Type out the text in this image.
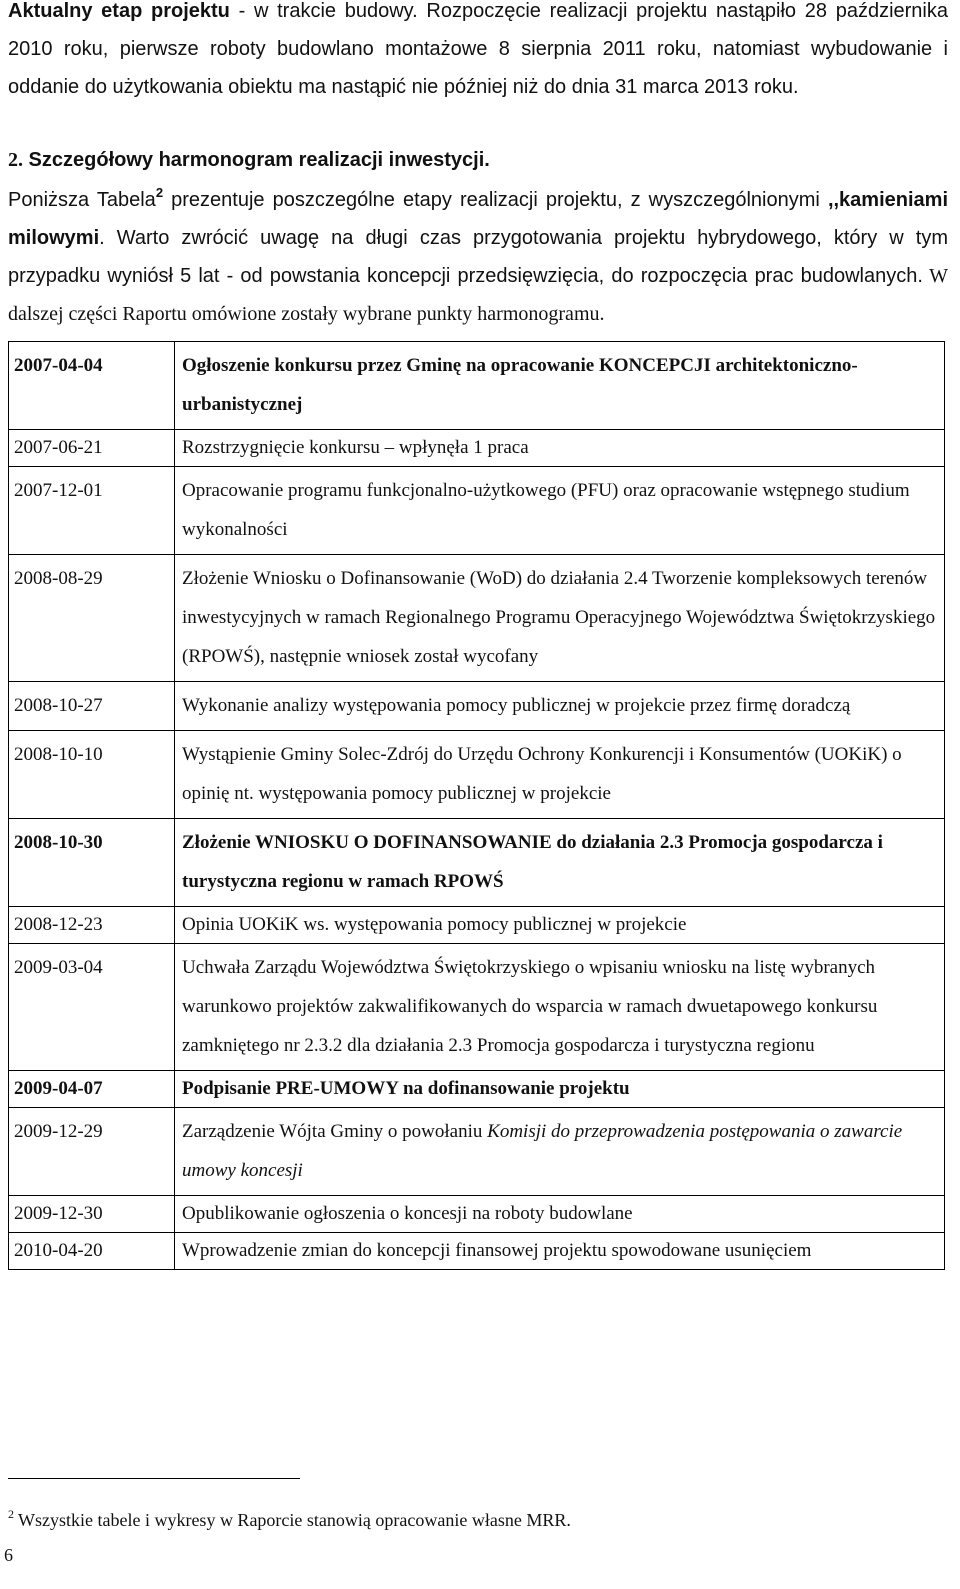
Aktualny etap projektu - w trakcie budowy. Rozpoczęcie realizacji projektu nastąpiło 28 października 2010 roku, pierwsze roboty budowlano montażowe 8 sierpnia 2011 roku, natomiast wybudowanie i oddanie do użytkowania obiektu ma nastąpić nie później niż do dnia 31 marca 2013 roku.

2. Szczegółowy harmonogram realizacji inwestycji.

Poniższa Tabela$^2$ prezentuje poszczególne etapy realizacji projektu, z wyszczególnionymi ,,kamieniami milowymi. Warto zwrócić uwagę na długi czas przygotowania projektu hybrydowego, który w tym przypadku wyniósł 5 lat - od powstania koncepcji przedsięwzięcia, do rozpoczęcia prac budowlanych. W dalszej części Raportu omówione zostały wybrane punkty harmonogramu.

2007-04-04	Ogłoszenie konkursu przez Gminę na opracowanie KONCEPCJI architektoniczno-urbanistycznej
2007-06-21	Rozstrzygnięcie konkursu – wpłynęła 1 praca
2007-12-01	Opracowanie programu funkcjonalno-użytkowego (PFU) oraz opracowanie wstępnego studium wykonalności
2008-08-29	Złożenie Wniosku o Dofinansowanie (WoD) do działania 2.4 Tworzenie kompleksowych terenów inwestycyjnych w ramach Regionalnego Programu Operacyjnego Województwa Świętokrzyskiego (RPOWŚ), następnie wniosek został wycofany
2008-10-27	Wykonanie analizy występowania pomocy publicznej w projekcie przez firmę doradczą
2008-10-10	Wystąpienie Gminy Solec-Zdrój do Urzędu Ochrony Konkurencji i Konsumentów (UOKiK) o opinię nt. występowania pomocy publicznej w projekcie
2008-10-30	Złożenie WNIOSKU O DOFINANSOWANIE do działania 2.3 Promocja gospodarcza i turystyczna regionu w ramach RPOWŚ
2008-12-23	Opinia UOKiK ws. występowania pomocy publicznej w projekcie
2009-03-04	Uchwała Zarządu Województwa Świętokrzyskiego o wpisaniu wniosku na listę wybranych warunkowo projektów zakwalifikowanych do wsparcia w ramach dwuetapowego konkursu zamkniętego nr 2.3.2 dla działania 2.3 Promocja gospodarcza i turystyczna regionu
2009-04-07	Podpisanie PRE-UMOWY na dofinansowanie projektu
2009-12-29	Zarządzenie Wójta Gminy o powołaniu Komisji do przeprowadzenia postępowania o zawarcie umowy koncesji
2009-12-30	Opublikowanie ogłoszenia o koncesji na roboty budowlane
2010-04-20	Wprowadzenie zmian do koncepcji finansowej projektu spowodowane usunięciem
$^2$ Wszystkie tabele i wykresy w Raporcie stanowią opracowanie własne MRR.
6
